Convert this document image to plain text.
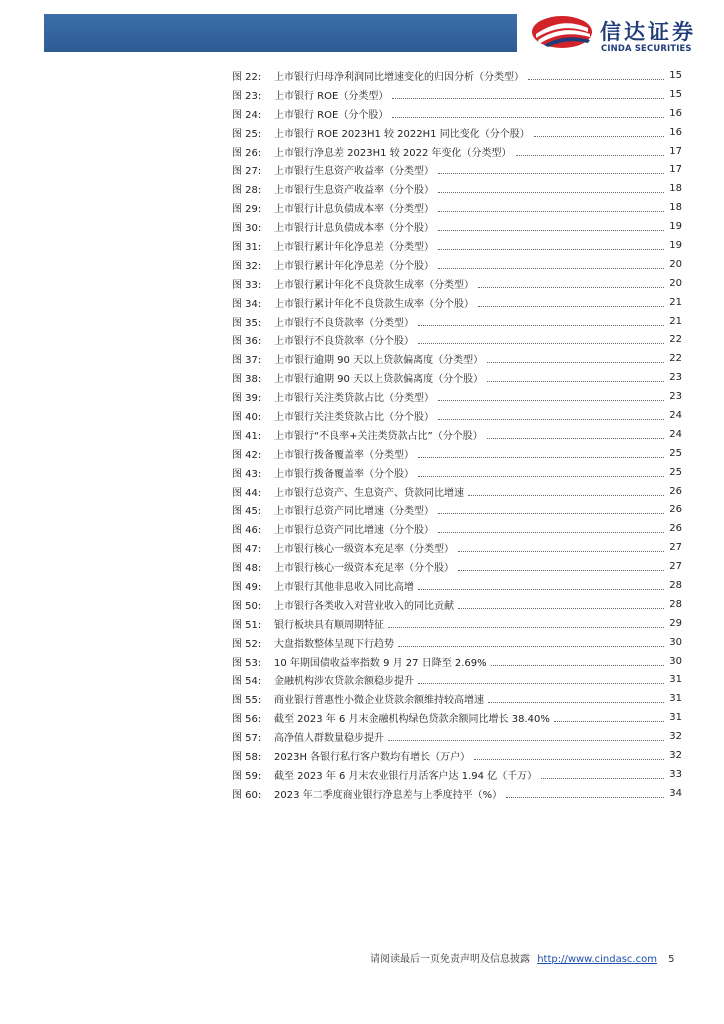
信达证券
CINDA SECURITIES
图 22:	上市银行归母净利润同比增速变化的归因分析（分类型）	15
图 23:	上市银行 ROE（分类型）	15
图 24:	上市银行 ROE（分个股）	16
图 25:	上市银行 ROE 2023H1 较 2022H1 同比变化（分个股）	16
图 26:	上市银行净息差 2023H1 较 2022 年变化（分类型）	17
图 27:	上市银行生息资产收益率（分类型）	17
图 28:	上市银行生息资产收益率（分个股）	18
图 29:	上市银行计息负债成本率（分类型）	18
图 30:	上市银行计息负债成本率（分个股）	19
图 31:	上市银行累计年化净息差（分类型）	19
图 32:	上市银行累计年化净息差（分个股）	20
图 33:	上市银行累计年化不良贷款生成率（分类型）	20
图 34:	上市银行累计年化不良贷款生成率（分个股）	21
图 35:	上市银行不良贷款率（分类型）	21
图 36:	上市银行不良贷款率（分个股）	22
图 37:	上市银行逾期 90 天以上贷款偏离度（分类型）	22
图 38:	上市银行逾期 90 天以上贷款偏离度（分个股）	23
图 39:	上市银行关注类贷款占比（分类型）	23
图 40:	上市银行关注类贷款占比（分个股）	24
图 41:	上市银行“不良率+关注类贷款占比”（分个股）	24
图 42:	上市银行拨备覆盖率（分类型）	25
图 43:	上市银行拨备覆盖率（分个股）	25
图 44:	上市银行总资产、生息资产、贷款同比增速	26
图 45:	上市银行总资产同比增速（分类型）	26
图 46:	上市银行总资产同比增速（分个股）	26
图 47:	上市银行核心一级资本充足率（分类型）	27
图 48:	上市银行核心一级资本充足率（分个股）	27
图 49:	上市银行其他非息收入同比高增	28
图 50:	上市银行各类收入对营业收入的同比贡献	28
图 51:	银行板块具有顺周期特征	29
图 52:	大盘指数整体呈现下行趋势	30
图 53:	10 年期国债收益率指数 9 月 27 日降至 2.69%	30
图 54:	金融机构涉农贷款余额稳步提升	31
图 55:	商业银行普惠性小微企业贷款余额维持较高增速	31
图 56:	截至 2023 年 6 月末金融机构绿色贷款余额同比增长 38.40%	31
图 57:	高净值人群数量稳步提升	32
图 58:	2023H 各银行私行客户数均有增长（万户）	32
图 59:	截至 2023 年 6 月末农业银行月活客户达 1.94 亿（千万）	33
图 60:	2023 年二季度商业银行净息差与上季度持平（%）	34
请阅读最后一页免责声明及信息披露 http://www.cindasc.com 5
